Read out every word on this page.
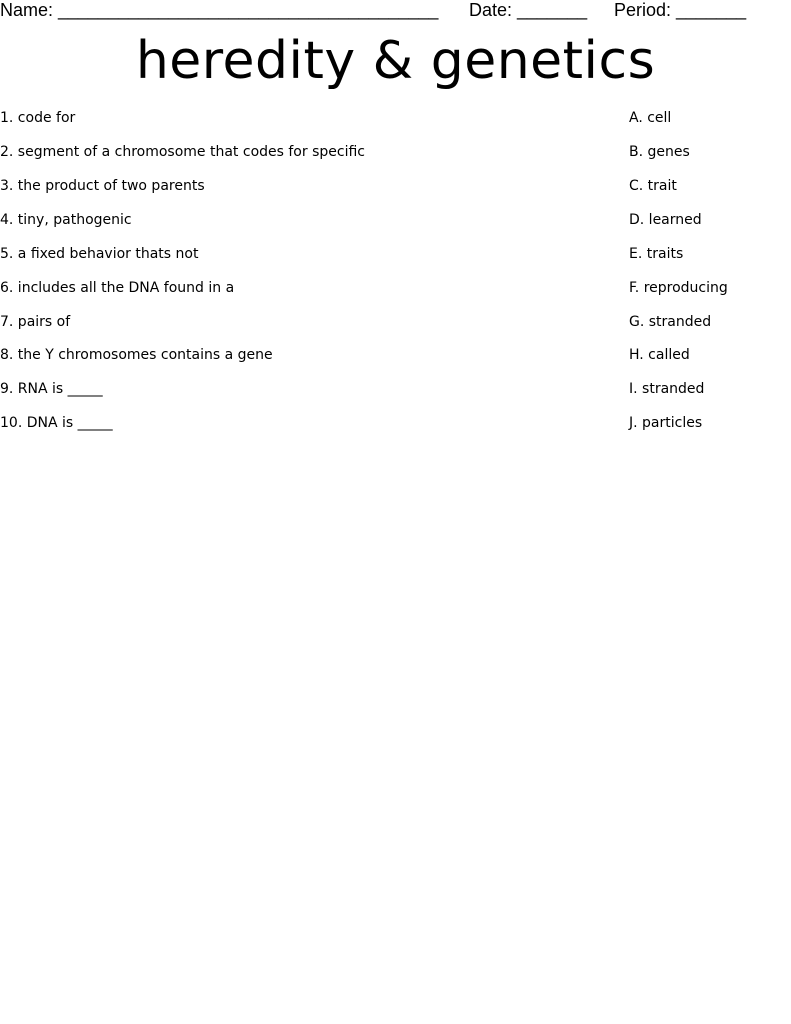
Name: ______________________________________ Date: _______ Period: _______
heredity & genetics
1. code for
2. segment of a chromosome that codes for specific
3. the product of two parents
4. tiny, pathogenic
5. a fixed behavior thats not
6. includes all the DNA found in a
7. pairs of
8. the Y chromosomes contains a gene
9. RNA is _____
10. DNA is _____
A. cell
B. genes
C. trait
D. learned
E. traits
F. reproducing
G. stranded
H. called
I. stranded
J. particles
